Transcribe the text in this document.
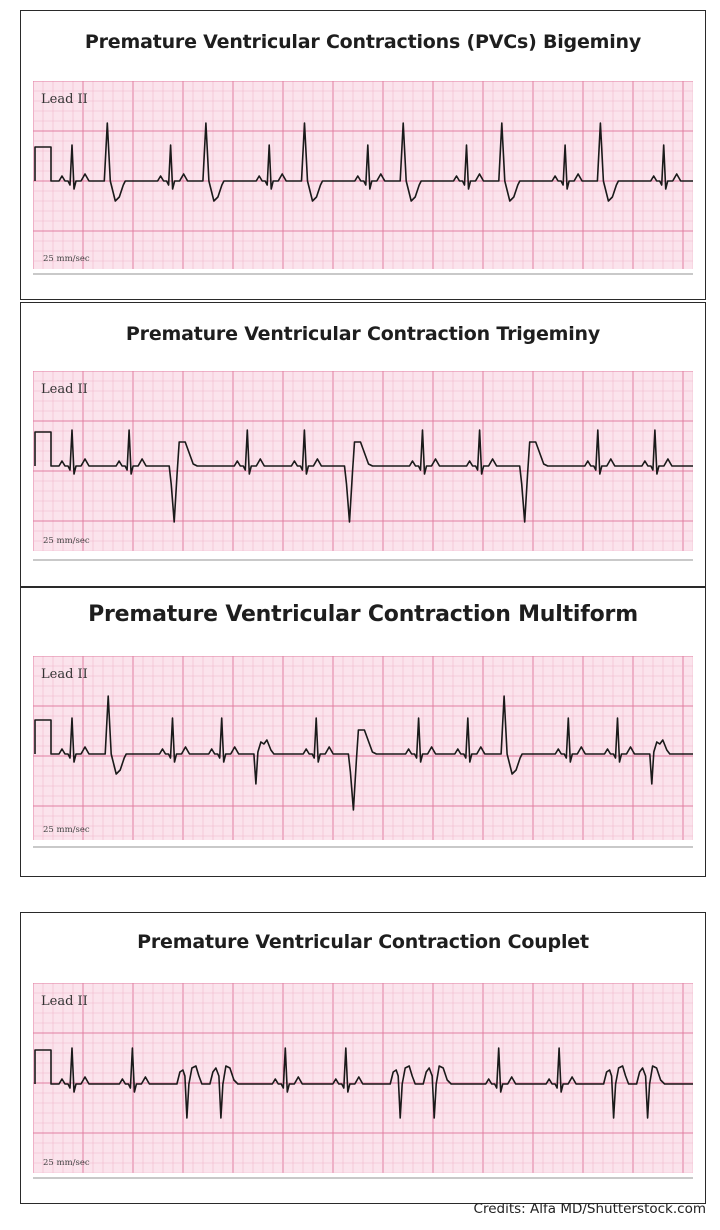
Premature Ventricular Contractions (PVCs) Bigeminy
Lead II
25 mm/sec
Premature Ventricular Contraction Trigeminy
Lead II
25 mm/sec
Premature Ventricular Contraction Multiform
Lead II
25 mm/sec
Premature Ventricular Contraction Couplet
Lead II
25 mm/sec
Credits: Alfa MD/Shutterstock.com
